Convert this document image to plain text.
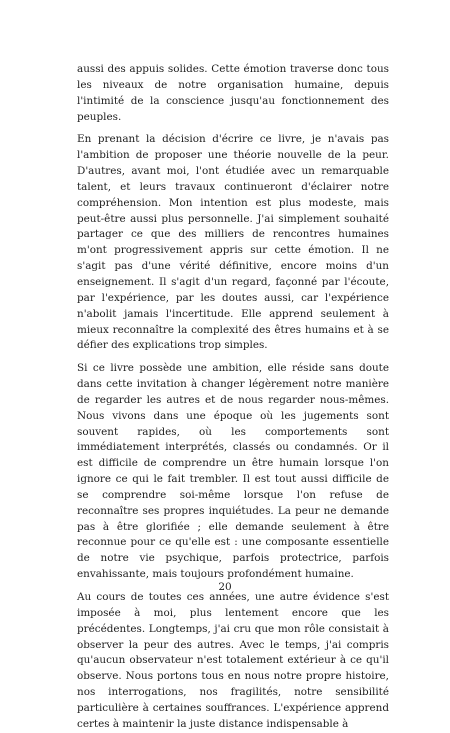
aussi des appuis solides. Cette émotion traverse donc tous les niveaux de notre organisation humaine, depuis l'intimité de la conscience jusqu'au fonctionnement des peuples.

En prenant la décision d'écrire ce livre, je n'avais pas l'ambition de proposer une théorie nouvelle de la peur. D'autres, avant moi, l'ont étudiée avec un remarquable talent, et leurs travaux continueront d'éclairer notre compréhension. Mon intention est plus modeste, mais peut-être aussi plus personnelle. J'ai simplement souhaité partager ce que des milliers de rencontres humaines m'ont progressivement appris sur cette émotion. Il ne s'agit pas d'une vérité définitive, encore moins d'un enseignement. Il s'agit d'un regard, façonné par l'écoute, par l'expérience, par les doutes aussi, car l'expérience n'abolit jamais l'incertitude. Elle apprend seulement à mieux reconnaître la complexité des êtres humains et à se défier des explications trop simples.

Si ce livre possède une ambition, elle réside sans doute dans cette invitation à changer légèrement notre manière de regarder les autres et de nous regarder nous-mêmes. Nous vivons dans une époque où les jugements sont souvent rapides, où les comportements sont immédiatement interprétés, classés ou condamnés. Or il est difficile de comprendre un être humain lorsque l'on ignore ce qui le fait trembler. Il est tout aussi difficile de se comprendre soi-même lorsque l'on refuse de reconnaître ses propres inquiétudes. La peur ne demande pas à être glorifiée ; elle demande seulement à être reconnue pour ce qu'elle est : une composante essentielle de notre vie psychique, parfois protectrice, parfois envahissante, mais toujours profondément humaine.

Au cours de toutes ces années, une autre évidence s'est imposée à moi, plus lentement encore que les précédentes. Longtemps, j'ai cru que mon rôle consistait à observer la peur des autres. Avec le temps, j'ai compris qu'aucun observateur n'est totalement extérieur à ce qu'il observe. Nous portons tous en nous notre propre histoire, nos interrogations, nos fragilités, notre sensibilité particulière à certaines souffrances. L'expérience apprend certes à maintenir la juste distance indispensable à

20
